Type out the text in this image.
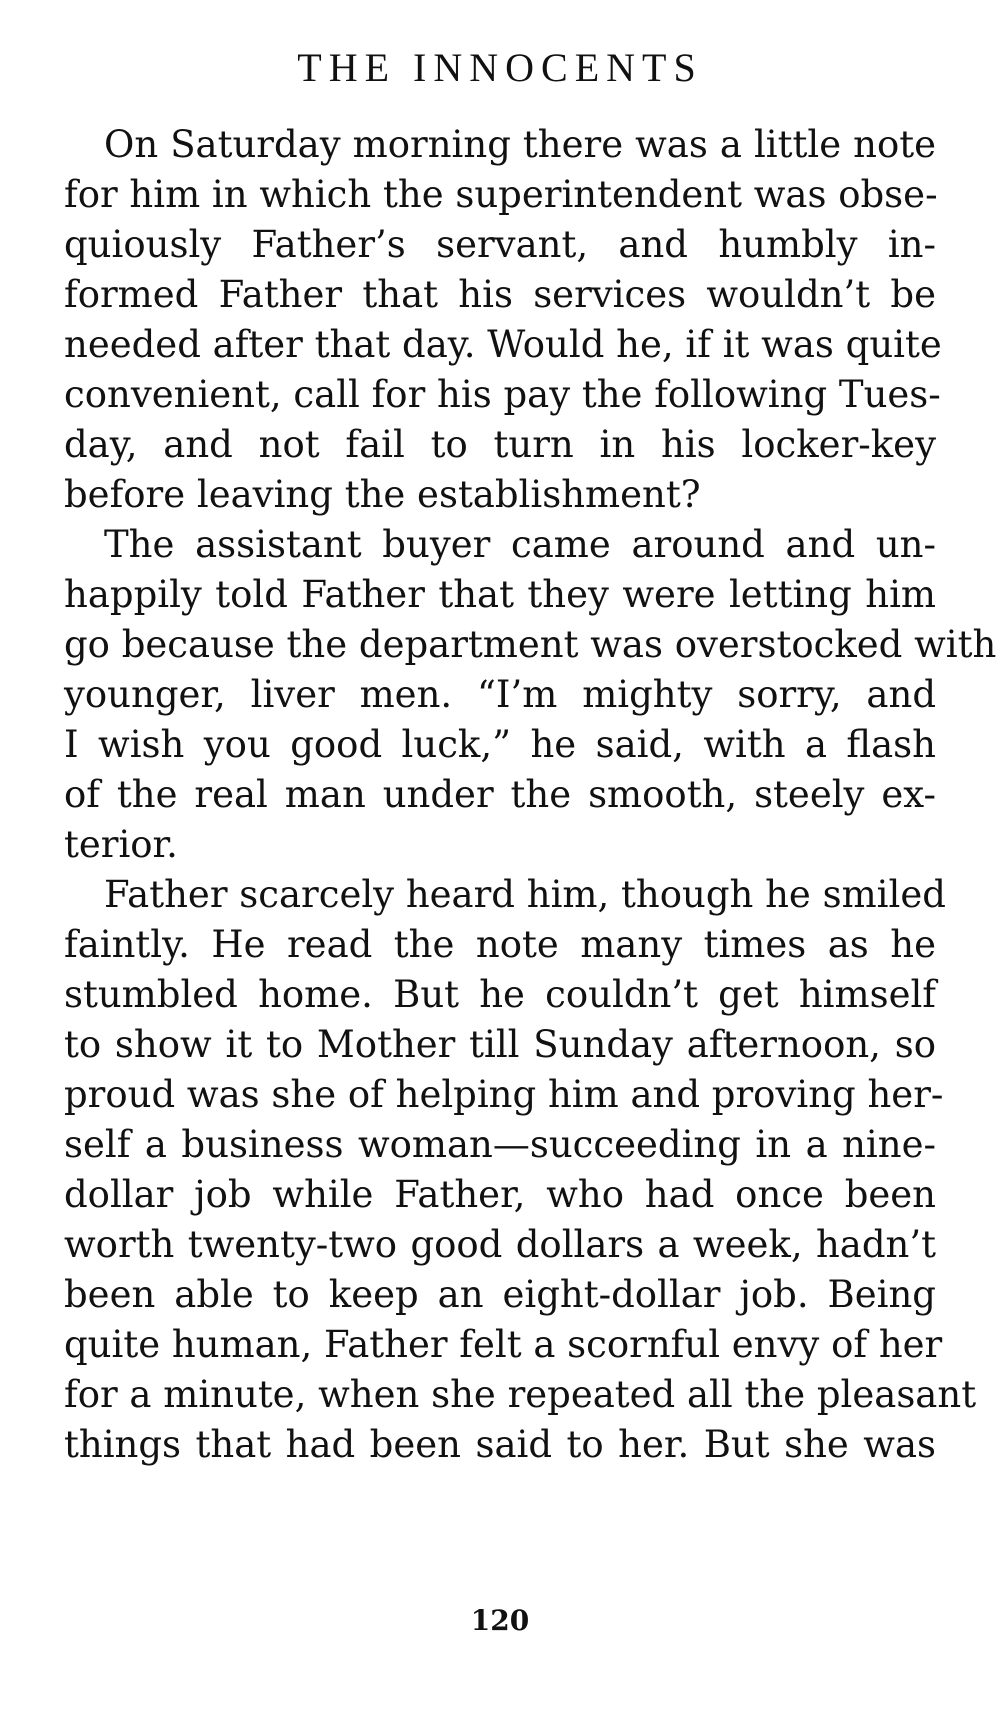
THE INNOCENTS

On Saturday morning there was a little note
for him in which the superintendent was obse-
quiously Father’s servant, and humbly in-
formed Father that his services wouldn’t be
needed after that day. Would he, if it was quite
convenient, call for his pay the following Tues-
day, and not fail to turn in his locker-key
before leaving the establishment?

The assistant buyer came around and un-
happily told Father that they were letting him
go because the department was overstocked with
younger, liver men. “I’m mighty sorry, and
I wish you good luck,” he said, with a flash
of the real man under the smooth, steely ex-
terior.

Father scarcely heard him, though he smiled
faintly. He read the note many times as he
stumbled home. But he couldn’t get himself
to show it to Mother till Sunday afternoon, so
proud was she of helping him and proving her-
self a business woman—succeeding in a nine-
dollar job while Father, who had once been
worth twenty-two good dollars a week, hadn’t
been able to keep an eight-dollar job. Being
quite human, Father felt a scornful envy of her
for a minute, when she repeated all the pleasant
things that had been said to her. But she was

120
